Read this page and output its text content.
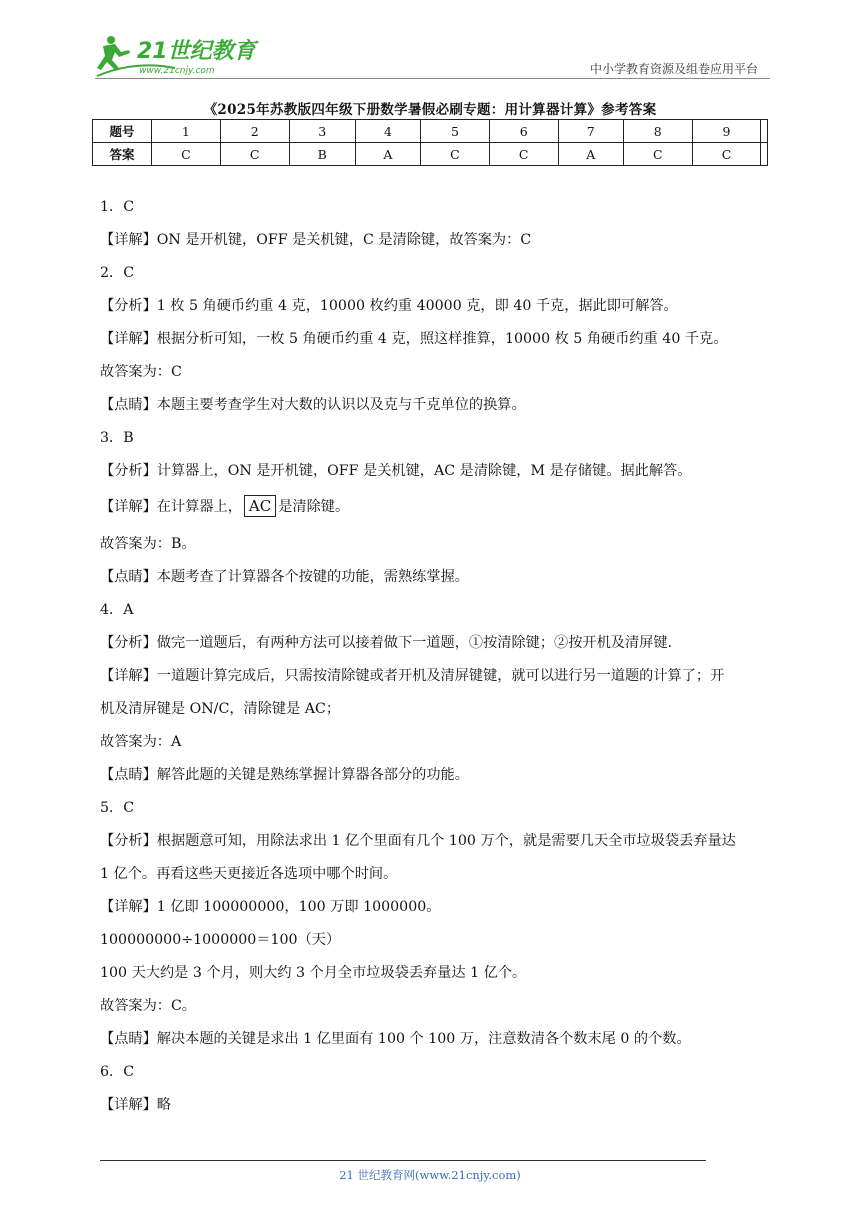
21世纪教育
www.21cnjy.com	中小学教育资源及组卷应用平台
《2025年苏教版四年级下册数学暑假必刷专题：用计算器计算》参考答案
题号	1	2	3	4	5	6	7	8	9	
答案	C	C	B	A	C	C	A	C	C	
1．C
【详解】ON 是开机键，OFF 是关机键，C 是清除键，故答案为：C
2．C
【分析】1 枚 5 角硬币约重 4 克，10000 枚约重 40000 克，即 40 千克，据此即可解答。
【详解】根据分析可知，一枚 5 角硬币约重 4 克，照这样推算，10000 枚 5 角硬币约重 40 千克。
故答案为：C
【点睛】本题主要考查学生对大数的认识以及克与千克单位的换算。
3．B
【分析】计算器上，ON 是开机键，OFF 是关机键，AC 是清除键，M 是存储键。据此解答。
【详解】在计算器上， AC 是清除键。
故答案为：B。
【点睛】本题考查了计算器各个按键的功能，需熟练掌握。
4．A
【分析】做完一道题后，有两种方法可以接着做下一道题，①按清除键；②按开机及清屏键.
【详解】一道题计算完成后，只需按清除键或者开机及清屏键键，就可以进行另一道题的计算了；开
机及清屏键是 ON/C，清除键是 AC；
故答案为：A
【点睛】解答此题的关键是熟练掌握计算器各部分的功能。
5．C
【分析】根据题意可知，用除法求出 1 亿个里面有几个 100 万个，就是需要几天全市垃圾袋丢弃量达
1 亿个。再看这些天更接近各选项中哪个时间。
【详解】1 亿即 100000000，100 万即 1000000。
100000000÷1000000＝100（天）
100 天大约是 3 个月，则大约 3 个月全市垃圾袋丢弃量达 1 亿个。
故答案为：C。
【点睛】解决本题的关键是求出 1 亿里面有 100 个 100 万，注意数清各个数末尾 0 的个数。
6．C
【详解】略
21 世纪教育网(www.21cnjy.com)
